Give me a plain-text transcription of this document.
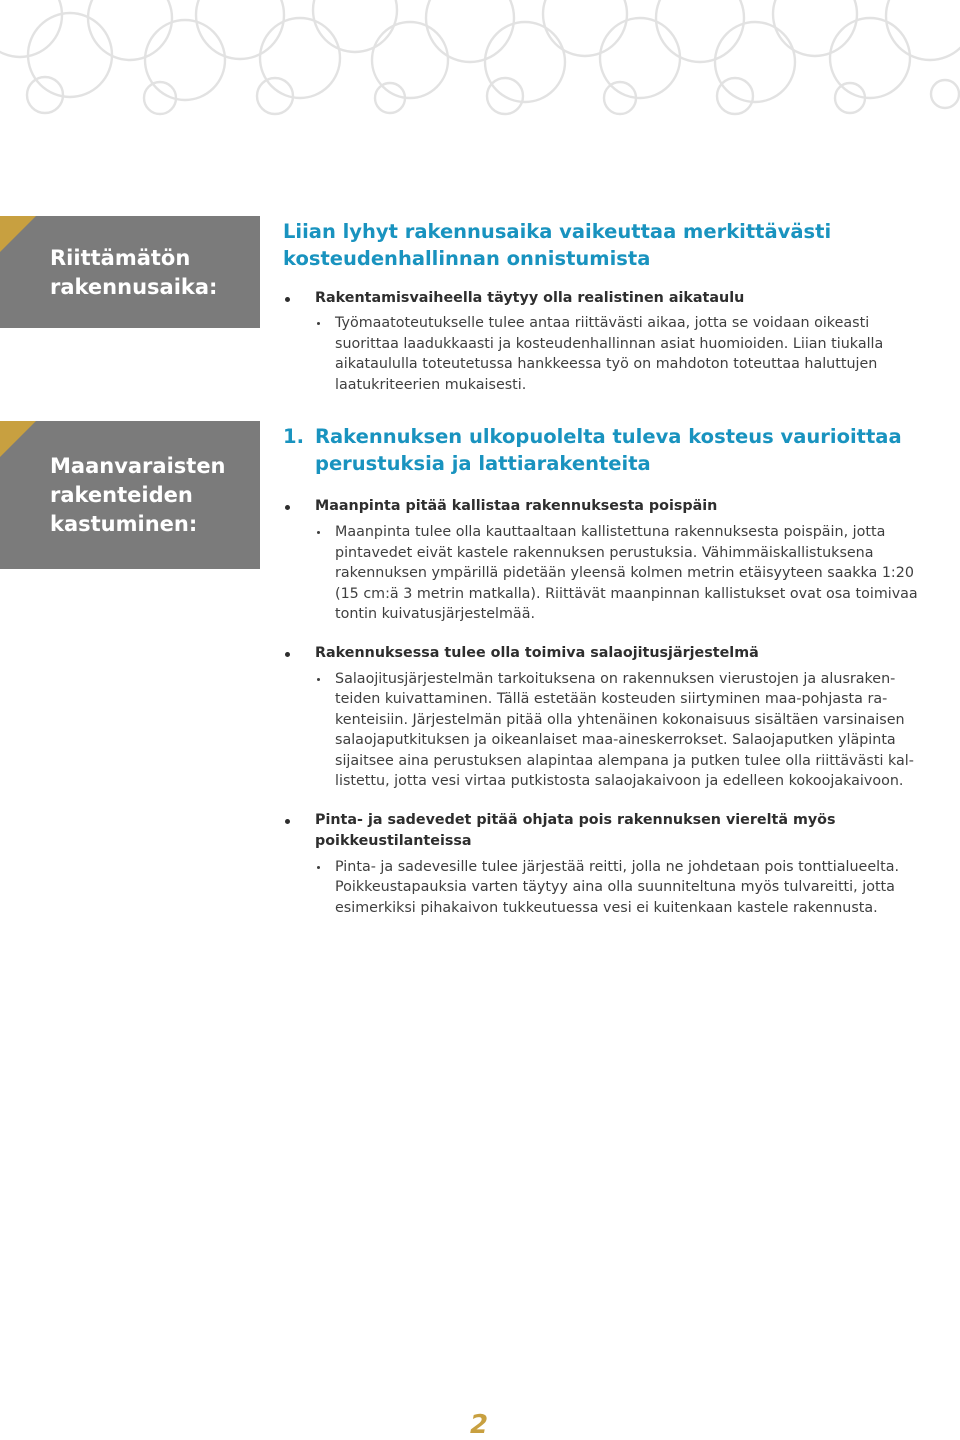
Riittämätön
rakennusaika:
Liian lyhyt rakennusaika vaikeuttaa merkittävästi
kosteudenhallinnan onnistumista

Rakentamisvaiheella täytyy olla realistinen aikataulu

Työmaatoteutukselle tulee antaa riittävästi aikaa, jotta se voidaan oikeasti
suorittaa laadukkaasti ja kosteudenhallinnan asiat huomioiden. Liian tiukalla
aikataululla toteutetussa hankkeessa työ on mahdoton toteuttaa haluttujen
laatukriteerien mukaisesti.

Maanvaraisten
rakenteiden
kastuminen:
1. Rakennuksen ulkopuolelta tuleva kosteus vaurioittaa
perustuksia ja lattiarakenteita

Maanpinta pitää kallistaa rakennuksesta poispäin

Maanpinta tulee olla kauttaaltaan kallistettuna rakennuksesta poispäin, jotta
pintavedet eivät kastele rakennuksen perustuksia. Vähimmäiskallistuksena
rakennuksen ympärillä pidetään yleensä kolmen metrin etäisyyteen saakka 1:20
(15 cm:ä 3 metrin matkalla). Riittävät maanpinnan kallistukset ovat osa toimivaa
tontin kuivatusjärjestelmää.

Rakennuksessa tulee olla toimiva salaojitusjärjestelmä

Salaojitusjärjestelmän tarkoituksena on rakennuksen vierustojen ja alusraken-
teiden kuivattaminen. Tällä estetään kosteuden siirtyminen maa-pohjasta ra-
kenteisiin. Järjestelmän pitää olla yhtenäinen kokonaisuus sisältäen varsinaisen
salaojaputkituksen ja oikeanlaiset maa-aineskerrokset. Salaojaputken yläpinta
sijaitsee aina perustuksen alapintaa alempana ja putken tulee olla riittävästi kal-
listettu, jotta vesi virtaa putkistosta salaojakaivoon ja edelleen kokoojakaivoon.

Pinta- ja sadevedet pitää ohjata pois rakennuksen viereltä myös
poikkeustilanteissa

Pinta- ja sadevesille tulee järjestää reitti, jolla ne johdetaan pois tonttialueelta.
Poikkeustapauksia varten täytyy aina olla suunniteltuna myös tulvareitti, jotta
esimerkiksi pihakaivon tukkeutuessa vesi ei kuitenkaan kastele rakennusta.

2
